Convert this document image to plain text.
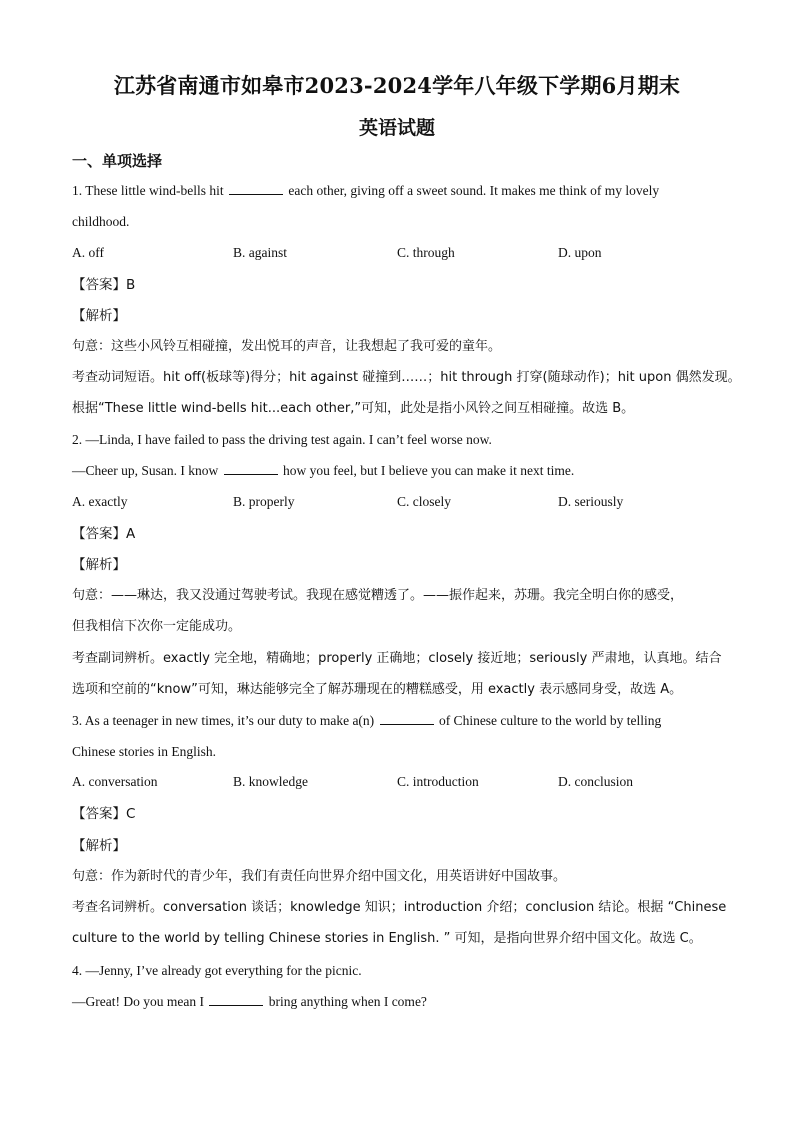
江苏省南通市如皋市2023-2024学年八年级下学期6月期末
英语试题
一、单项选择
1. These little wind-bells hit	each other, giving off a sweet sound. It makes me think of my lovely
childhood.
A. off	B. against	C. through	D. upon
【答案】B
【解析】
句意：这些小风铃互相碰撞，发出悦耳的声音，让我想起了我可爱的童年。
考查动词短语。hit off(板球等)得分；hit against 碰撞到……；hit through 打穿(随球动作)；hit upon 偶然发现。
根据“These little wind-bells hit...each other,”可知，此处是指小风铃之间互相碰撞。故选 B。
2. —Linda, I have failed to pass the driving test again. I can’t feel worse now.
—Cheer up, Susan. I know	how you feel, but I believe you can make it next time.
A. exactly	B. properly	C. closely	D. seriously
【答案】A
【解析】
句意：——琳达，我又没通过驾驶考试。我现在感觉糟透了。——振作起来，苏珊。我完全明白你的感受，
但我相信下次你一定能成功。
考查副词辨析。exactly 完全地，精确地；properly 正确地；closely 接近地；seriously 严肃地，认真地。结合
选项和空前的“know”可知，琳达能够完全了解苏珊现在的糟糕感受，用 exactly 表示感同身受，故选 A。
3. As a teenager in new times, it’s our duty to make a(n)	of Chinese culture to the world by telling
Chinese stories in English.
A. conversation	B. knowledge	C. introduction	D. conclusion
【答案】C
【解析】
句意：作为新时代的青少年，我们有责任向世界介绍中国文化，用英语讲好中国故事。
考查名词辨析。conversation 谈话；knowledge 知识；introduction 介绍；conclusion 结论。根据 “Chinese
culture to the world by telling Chinese stories in English. ” 可知，是指向世界介绍中国文化。故选 C。
4. —Jenny, I’ve already got everything for the picnic.
—Great! Do you mean I	bring anything when I come?
